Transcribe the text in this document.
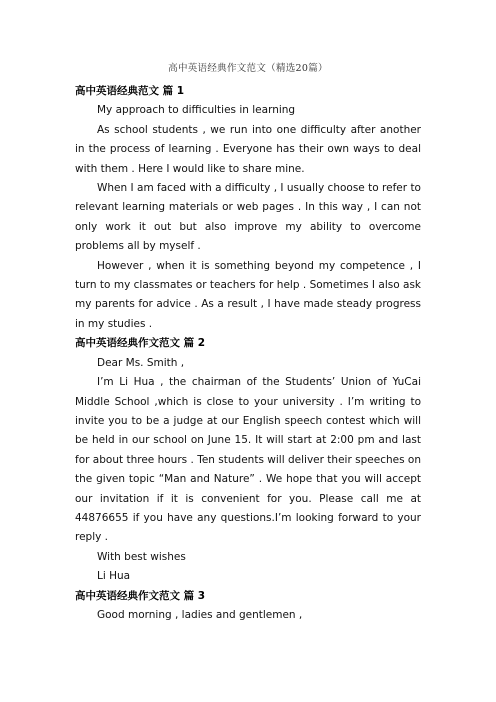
高中英语经典作文范文（精选20篇）

高中英语经典范文 篇 1

My approach to difficulties in learning

As school students , we run into one difficulty after another in the process of learning . Everyone has their own ways to deal with them . Here I would like to share mine.

When I am faced with a difficulty , I usually choose to refer to relevant learning materials or web pages . In this way , I can not only work it out but also improve my ability to overcome problems all by myself .

However , when it is something beyond my competence , I turn to my classmates or teachers for help . Sometimes I also ask my parents for advice . As a result , I have made steady progress in my studies .

高中英语经典作文范文 篇 2

Dear Ms. Smith ,

I’m Li Hua , the chairman of the Students’ Union of YuCai Middle School ,which is close to your university . I’m writing to invite you to be a judge at our English speech contest which will be held in our school on June 15. It will start at 2:00 pm and last for about three hours . Ten students will deliver their speeches on the given topic “Man and Nature” . We hope that you will accept our invitation if it is convenient for you. Please call me at 44876655 if you have any questions.I’m looking forward to your reply .

With best wishes

Li Hua

高中英语经典作文范文 篇 3

Good morning , ladies and gentlemen ,
